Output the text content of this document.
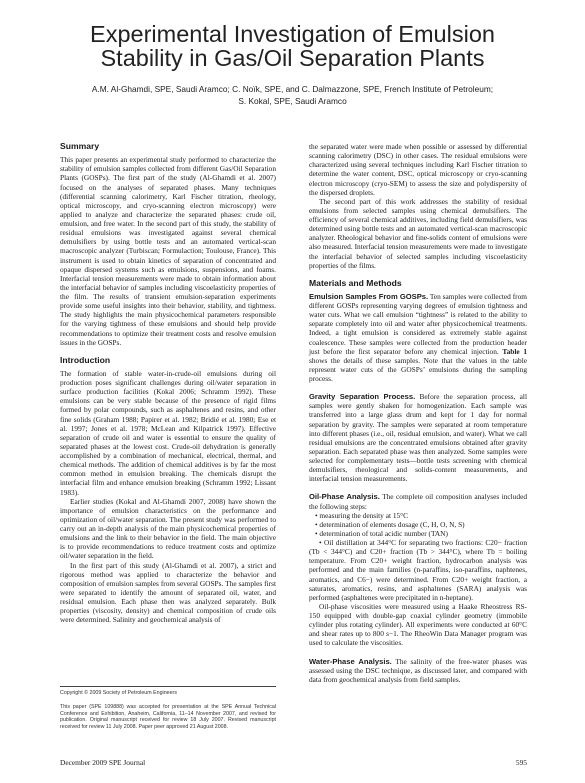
Experimental Investigation of Emulsion
Stability in Gas/Oil Separation Plants
A.M. Al-Ghamdi, SPE, Saudi Aramco; C. Noïk, SPE, and C. Dalmazzone, SPE, French Institute of Petroleum;
S. Kokal, SPE, Saudi Aramco
Summary

This paper presents an experimental study performed to characterize the stability of emulsion samples collected from different Gas/Oil Separation Plants (GOSPs). The first part of the study (Al-Ghamdi et al. 2007) focused on the analyses of separated phases. Many techniques (differential scanning calorimetry, Karl Fischer titration, rheology, optical microscopy, and cryo-scanning electron microscopy) were applied to analyze and characterize the separated phases: crude oil, emulsion, and free water. In the second part of this study, the stability of residual emulsions was investigated against several chemical demulsifiers by using bottle tests and an automated vertical-scan macroscopic analyzer (Turbiscan; Formulaction; Toulouse, France). This instrument is used to obtain kinetics of separation of concentrated and opaque dispersed systems such as emulsions, suspensions, and foams. Interfacial tension measurements were made to obtain information about the interfacial behavior of samples including viscoelasticity properties of the film. The results of transient emulsion-separation experiments provide some useful insights into their behavior, stability, and tightness. The study highlights the main physicochemical parameters responsible for the varying tightness of these emulsions and should help provide recommendations to optimize their treatment costs and resolve emulsion issues in the GOSPs.

Introduction

The formation of stable water-in-crude-oil emulsions during oil production poses significant challenges during oil/water separation in surface production facilities (Kokal 2006; Schramm 1992). These emulsions can be very stable because of the presence of rigid films formed by polar compounds, such as asphaltenes and resins, and other fine solids (Graham 1988; Papirer et al. 1982; Bridié et al. 1980; Ese et al. 1997; Jones et al. 1978; McLean and Kilpatrick 1997). Effective separation of crude oil and water is essential to ensure the quality of separated phases at the lowest cost. Crude-oil dehydration is generally accomplished by a combination of mechanical, electrical, thermal, and chemical methods. The addition of chemical additives is by far the most common method in emulsion breaking. The chemicals disrupt the interfacial film and enhance emulsion breaking (Schramm 1992; Lissant 1983).

Earlier studies (Kokal and Al-Ghamdi 2007, 2008) have shown the importance of emulsion characteristics on the performance and optimization of oil/water separation. The present study was performed to carry out an in-depth analysis of the main physicochemical properties of emulsions and the link to their behavior in the field. The main objective is to provide recommendations to reduce treatment costs and optimize oil/water separation in the field.

In the first part of this study (Al-Ghamdi et al. 2007), a strict and rigorous method was applied to characterize the behavior and composition of emulsion samples from several GOSPs. The samples first were separated to identify the amount of separated oil, water, and residual emulsion. Each phase then was analyzed separately. Bulk properties (viscosity, density) and chemical composition of crude oils were determined. Salinity and geochemical analysis of

Copyright © 2009 Society of Petroleum Engineers
This paper (SPE 109888) was accepted for presentation at the SPE Annual Technical Conference and Exhibition, Anaheim, California, 11–14 November 2007, and revised for publication. Original manuscript received for review 18 July 2007. Revised manuscript received for review 11 July 2008. Paper peer approved 21 August 2008.

the separated water were made when possible or assessed by differential scanning calorimetry (DSC) in other cases. The residual emulsions were characterized using several techniques including Karl Fischer titration to determine the water content, DSC, optical microscopy or cryo-scanning electron microscopy (cryo-SEM) to assess the size and polydispersity of the dispersed droplets.

The second part of this work addresses the stability of residual emulsions from selected samples using chemical demulsifiers. The efficiency of several chemical additives, including field demulsifiers, was determined using bottle tests and an automated vertical-scan macroscopic analyzer. Rheological behavior and fine-solids content of emulsions were also measured. Interfacial tension measurements were made to investigate the interfacial behavior of selected samples including viscoelasticity properties of the films.

Materials and Methods

Emulsion Samples From GOSPs. Ten samples were collected from different GOSPs representing varying degrees of emulsion tightness and water cuts. What we call emulsion “tightness” is related to the ability to separate completely into oil and water after physicochemical treatments. Indeed, a tight emulsion is considered as extremely stable against coalescence. These samples were collected from the production header just before the first separator before any chemical injection. Table 1 shows the details of these samples. Note that the values in the table represent water cuts of the GOSPs’ emulsions during the sampling process.

Gravity Separation Process. Before the separation process, all samples were gently shaken for homogenization. Each sample was transferred into a large glass drum and kept for 1 day for normal separation by gravity. The samples were separated at room temperature into different phases (i.e., oil, residual emulsion, and water). What we call residual emulsions are the concentrated emulsions obtained after gravity separation. Each separated phase was then analyzed. Some samples were selected for complementary tests—bottle tests screening with chemical demulsifiers, rheological and solids-content measurements, and interfacial tension measurements.

Oil-Phase Analysis. The complete oil composition analyses included the following steps:

• measuring the density at 15°C

• determination of elements dosage (C, H, O, N, S)

• determination of total acidic number (TAN)

• Oil distillation at 344°C for separating two fractions: C20− fraction (Tb < 344°C) and C20+ fraction (Tb > 344°C), where Tb = boiling temperature. From C20+ weight fraction, hydrocarbon analysis was performed and the main families (n-paraffins, iso-paraffins, naphtenes, aromatics, and C6−) were determined. From C20+ weight fraction, a saturates, aromatics, resins, and asphaltenes (SARA) analysis was performed (asphaltenes were precipitated in n-heptane).

Oil-phase viscosities were measured using a Haake Rheostress RS-150 equipped with double-gap coaxial cylinder geometry (immobile cylinder plus rotating cylinder). All experiments were conducted at 60°C and shear rates up to 800 s−1. The RheoWin Data Manager program was used to calculate the viscosities.

Water-Phase Analysis. The salinity of the free-water phases was assessed using the DSC technique, as discussed later, and compared with data from geochemical analysis from field samples.

December 2009 SPE Journal	595
